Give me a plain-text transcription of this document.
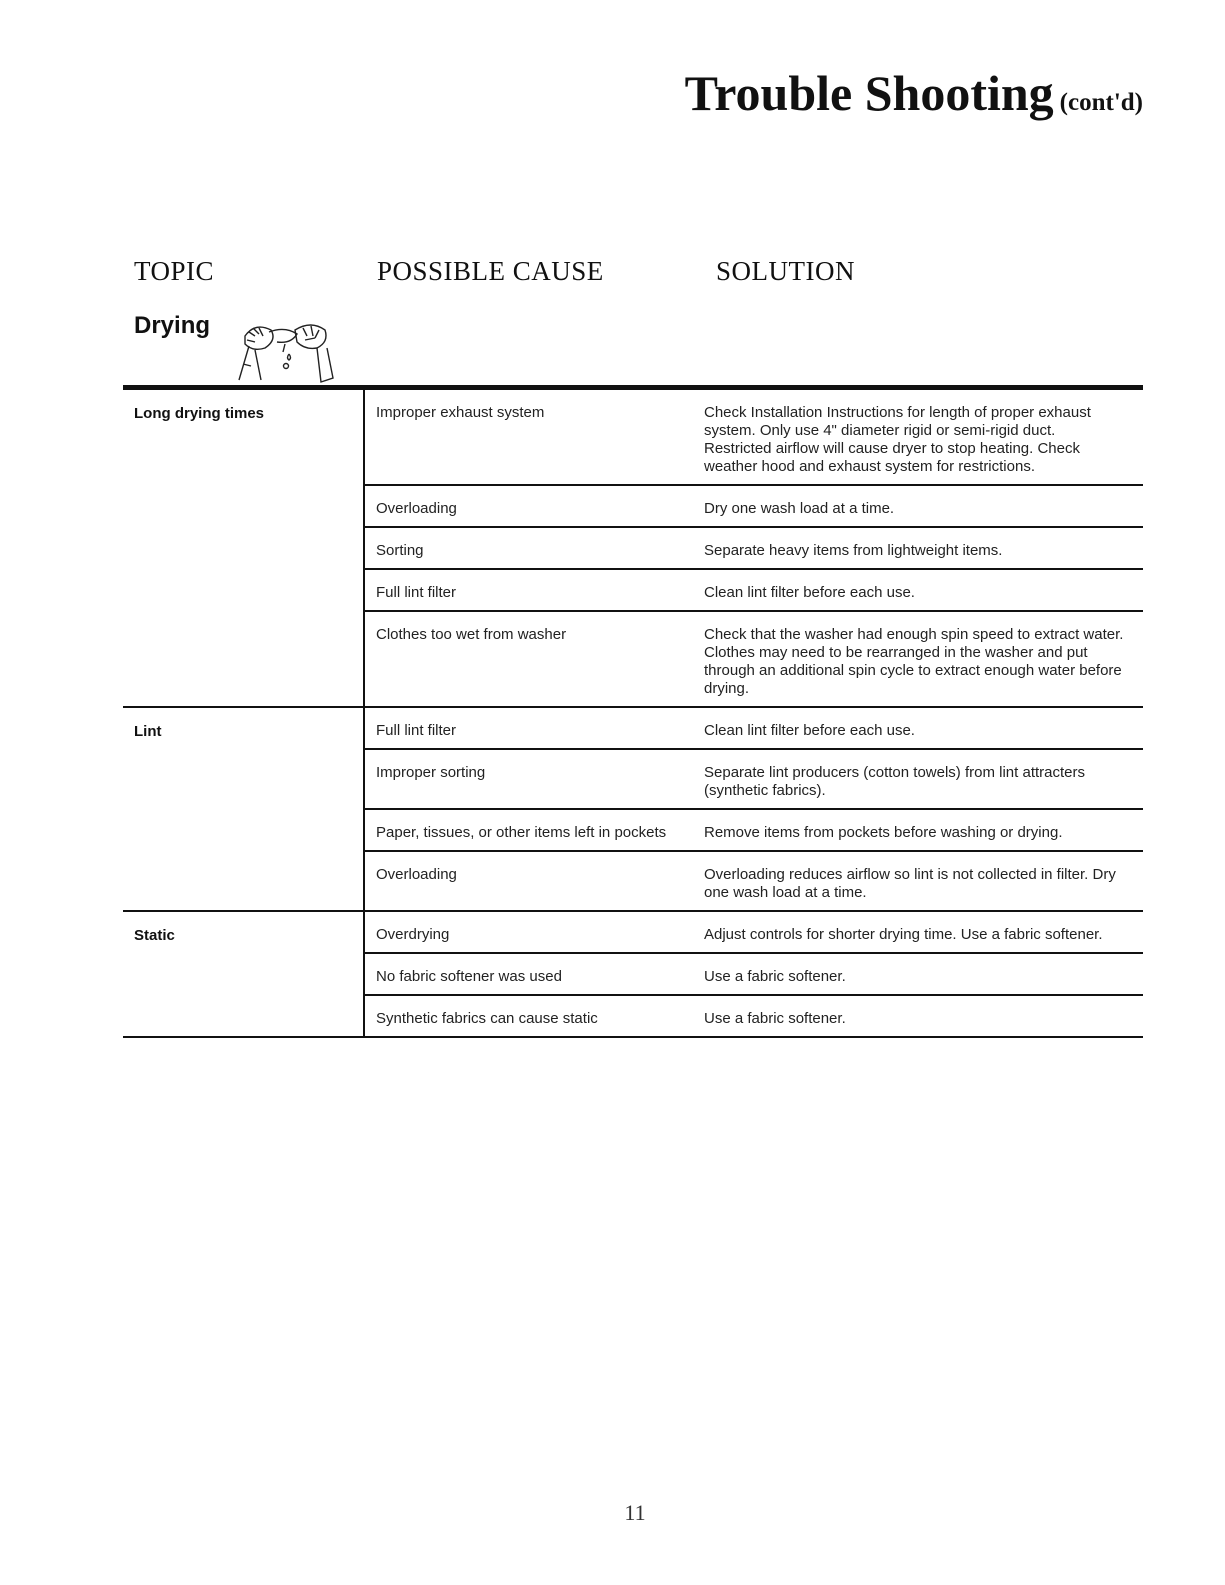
Trouble Shooting (cont'd)
TOPIC	POSSIBLE CAUSE	SOLUTION
Drying
Long drying times	Improper exhaust system	Check Installation Instructions for length of proper exhaust system. Only use 4" diameter rigid or semi-rigid duct. Restricted airflow will cause dryer to stop heating. Check weather hood and exhaust system for restrictions.
Overloading	Dry one wash load at a time.
Sorting	Separate heavy items from lightweight items.
Full lint filter	Clean lint filter before each use.
Clothes too wet from washer	Check that the washer had enough spin speed to extract water. Clothes may need to be rearranged in the washer and put through an additional spin cycle to extract enough water before drying.
Lint	Full lint filter	Clean lint filter before each use.
Improper sorting	Separate lint producers (cotton towels) from lint attracters (synthetic fabrics).
Paper, tissues, or other items left in pockets	Remove items from pockets before washing or drying.
Overloading	Overloading reduces airflow so lint is not collected in filter. Dry one wash load at a time.
Static	Overdrying	Adjust controls for shorter drying time. Use a fabric softener.
No fabric softener was used	Use a fabric softener.
Synthetic fabrics can cause static	Use a fabric softener.
11
